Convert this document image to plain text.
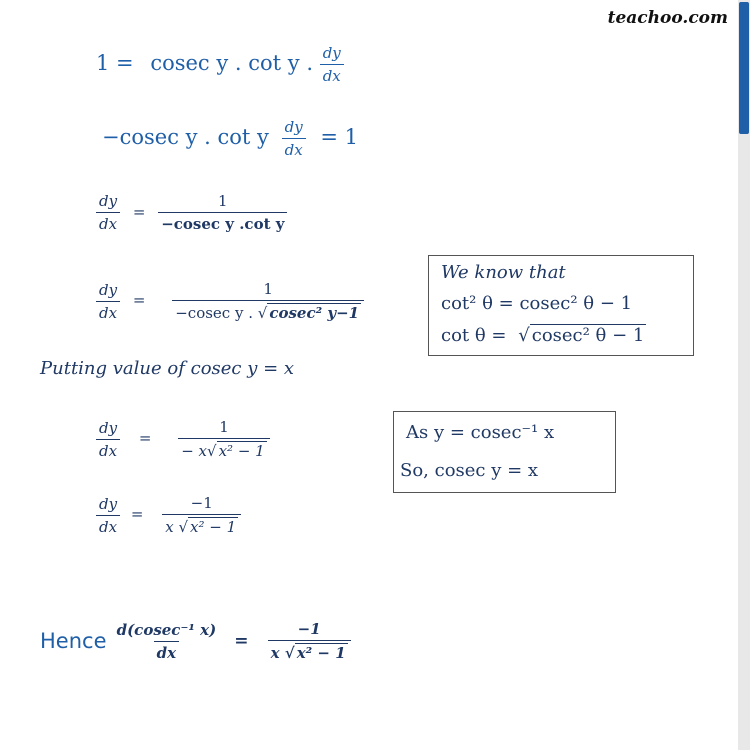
teachoo.com
1 = cosec y . cot y . $\frac{dy}{dx}$
−cosec y . cot y $\frac{dy}{dx} = 1$
$\frac{dy}{dx} = \frac{1}{\text{−cosec y .cot y}}$
$\frac{dy}{dx} = \frac{1}{\text{−cosec y . √ cosec² y−1}}$
Putting value of cosec y = x
$\frac{dy}{dx} = \frac{1}{\text{− x√ x² − 1}}$
$\frac{dy}{dx} = \frac{-1}{\text{x √ x² − 1}}$
Hence $\frac{\text{d(cosec⁻¹ x)}}{dx} = \frac{-1}{\text{x √ x² − 1}}$
We know that
cot² θ = cosec² θ − 1
cot θ = √ cosec² θ − 1
As y = cosec⁻¹ x
So, cosec y = x
